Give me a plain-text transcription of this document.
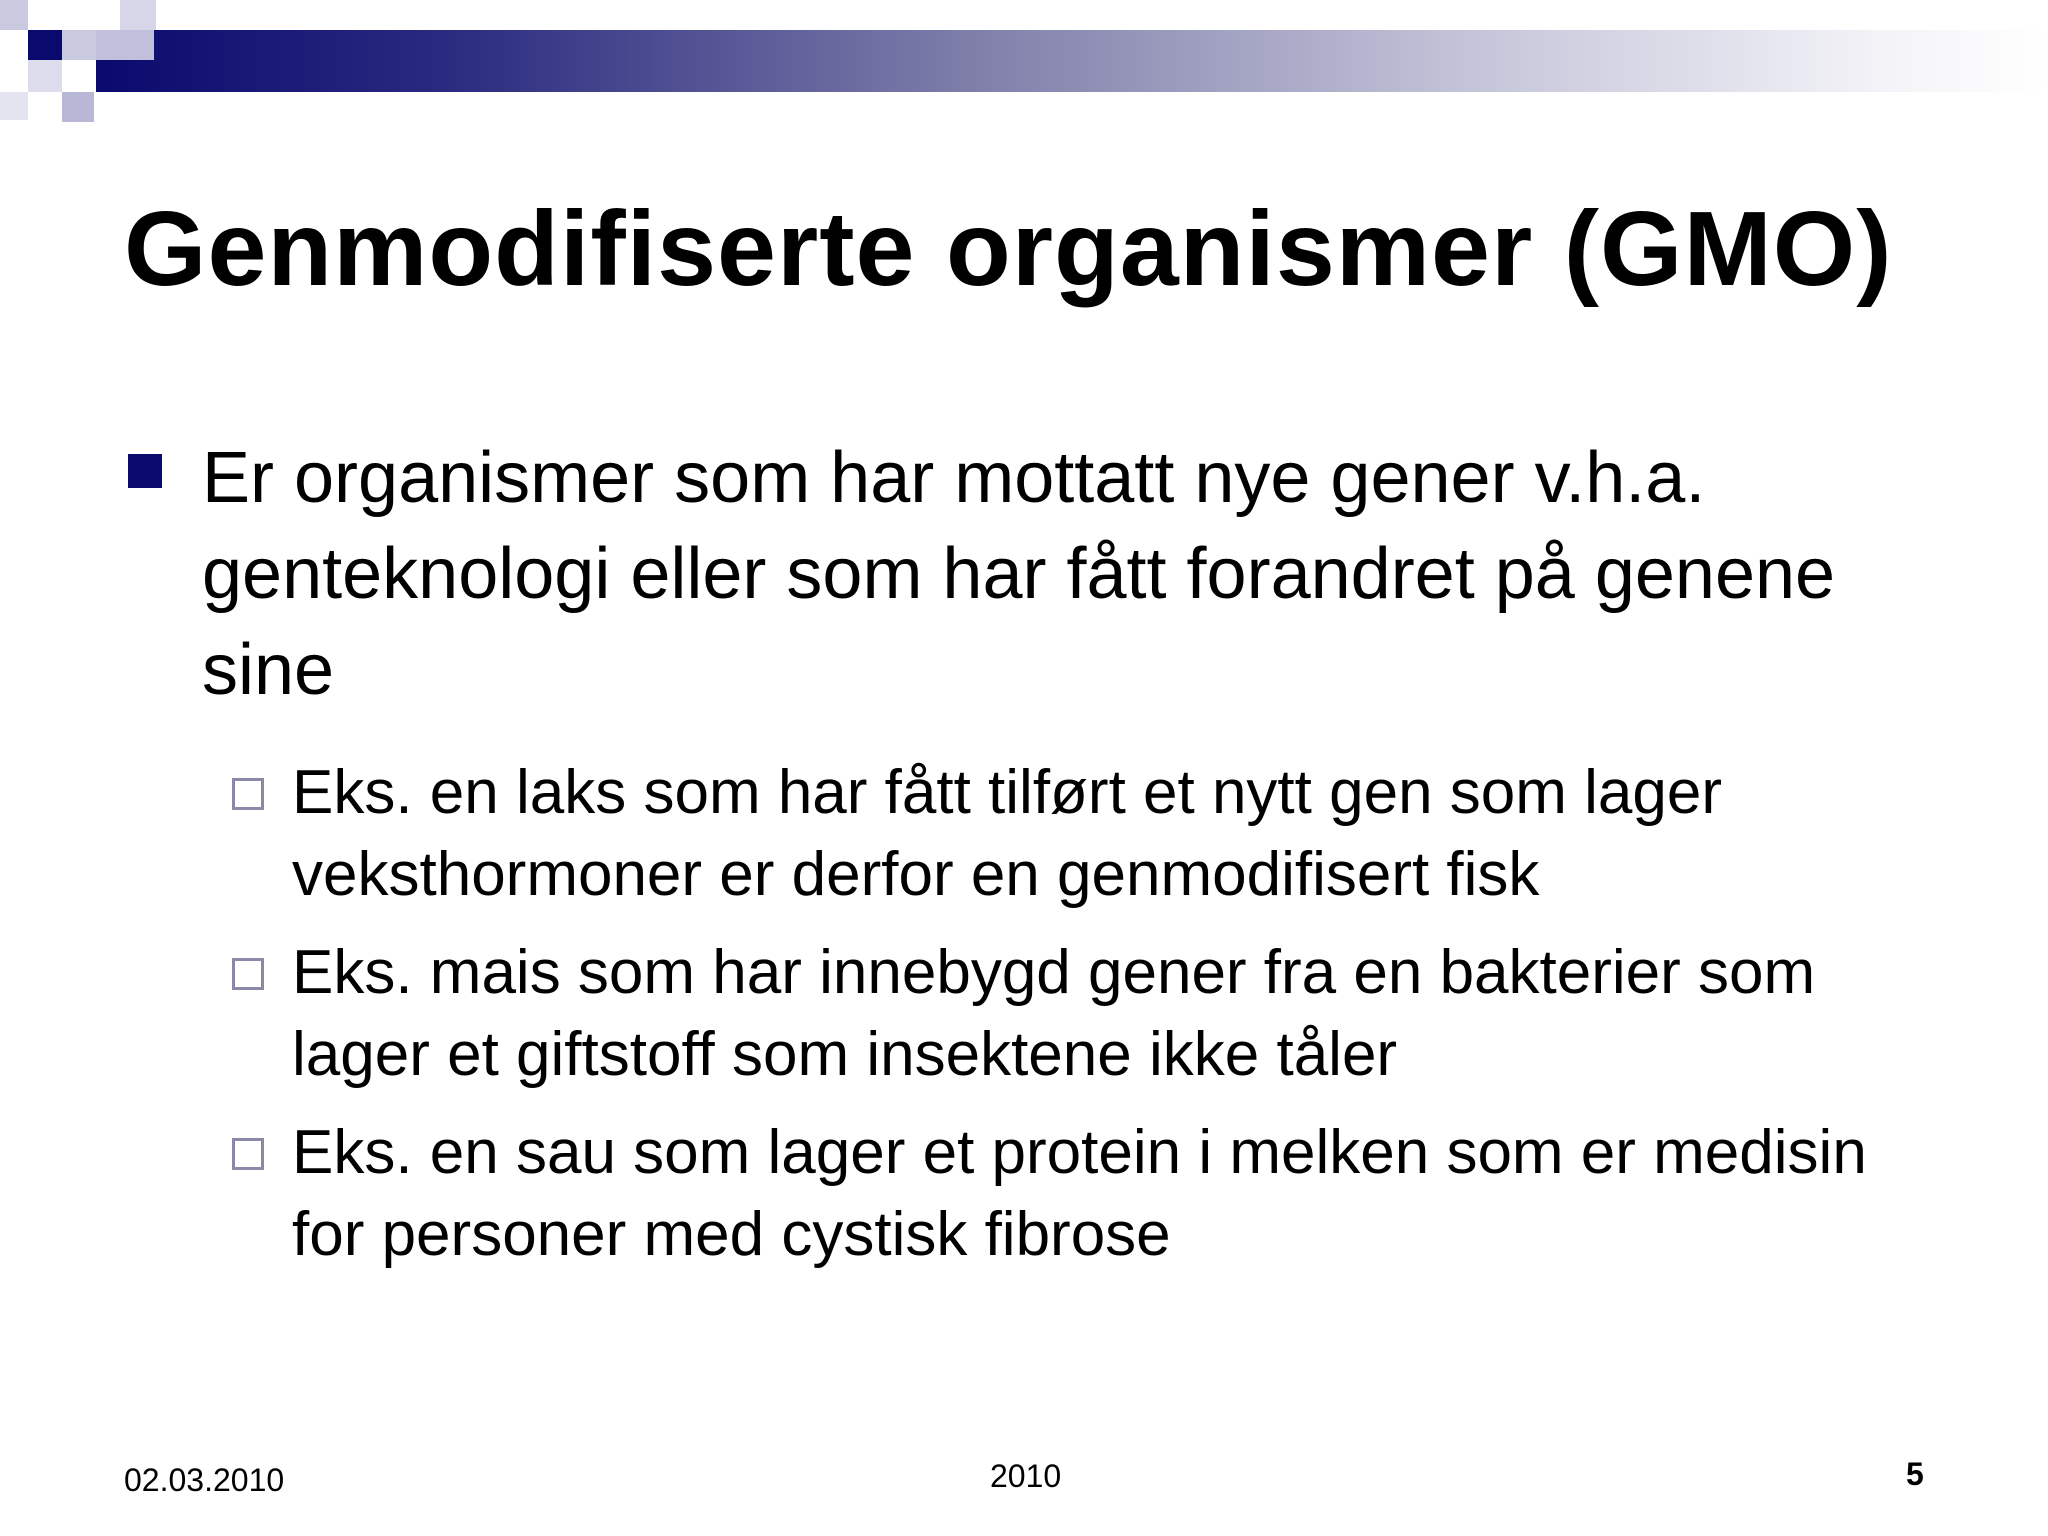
Genmodifiserte organismer (GMO)
Er organismer som har mottatt nye gener v.h.a. genteknologi eller som har fått forandret på genene sine
Eks. en laks som har fått tilført et nytt gen som lager veksthormoner er derfor en genmodifisert fisk
Eks. mais som har innebygd gener fra en bakterier som lager et giftstoff som insektene ikke tåler
Eks. en sau som lager et protein i melken som er medisin for personer med cystisk fibrose
02.03.2010	2010	5
